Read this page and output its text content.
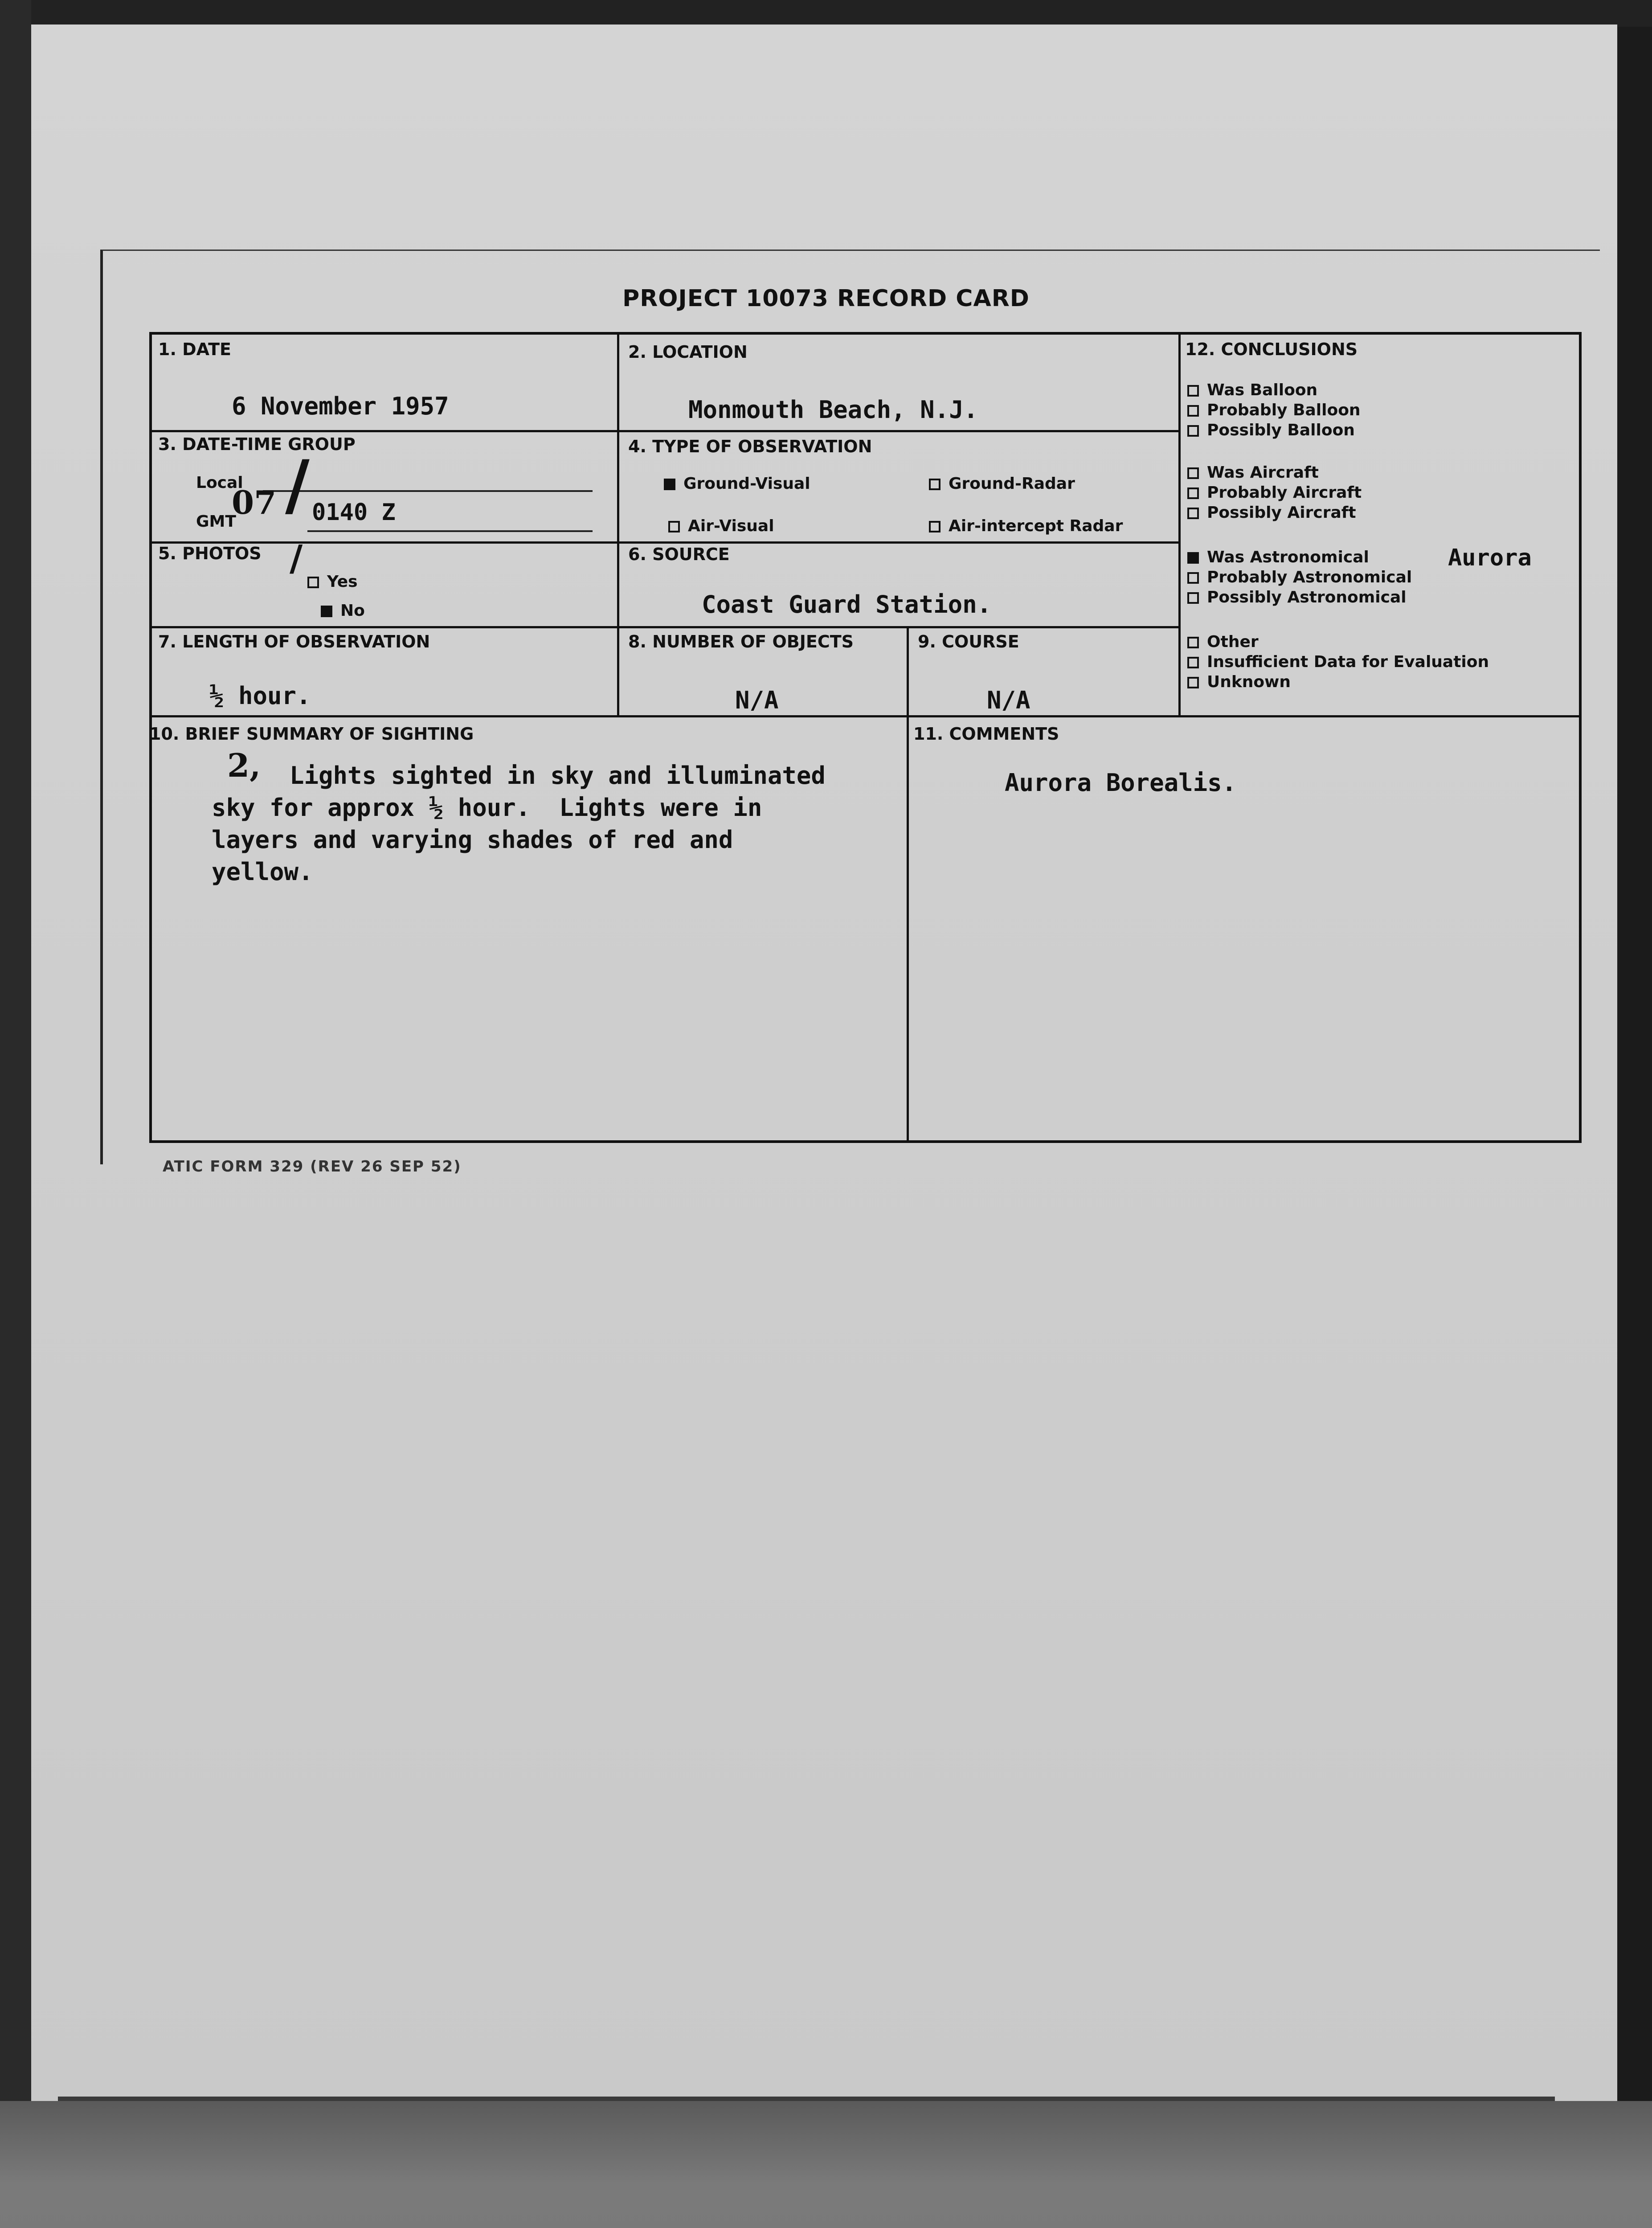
PROJECT 10073 RECORD CARD
1. DATE
6 November 1957
2. LOCATION
Monmouth Beach, N.J.
3. DATE-TIME GROUP
Local
GMT
07 / 0140 Z
4. TYPE OF OBSERVATION
Ground-Visual	Ground-Radar
Air-Visual	Air-intercept Radar
5. PHOTOS /
Yes
No
6. SOURCE
Coast Guard Station.
7. LENGTH OF OBSERVATION
½ hour.
8. NUMBER OF OBJECTS
N/A
9. COURSE
N/A
10. BRIEF SUMMARY OF SIGHTING
2, Lights sighted in sky and illuminated
sky for approx ½ hour.  Lights were in
layers and varying shades of red and
yellow.
11. COMMENTS
Aurora Borealis.
12. CONCLUSIONS
Was Balloon
Probably Balloon
Possibly Balloon
Was Aircraft
Probably Aircraft
Possibly Aircraft
Was Astronomical	Aurora
Probably Astronomical
Possibly Astronomical
Other
Insufficient Data for Evaluation
Unknown
ATIC FORM 329 (REV 26 SEP 52)
